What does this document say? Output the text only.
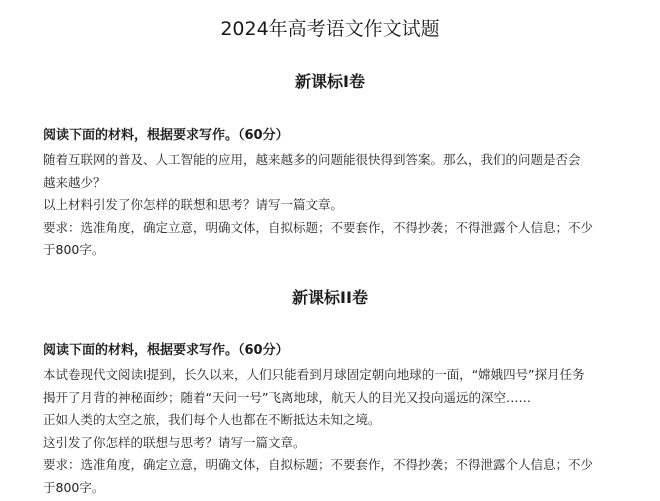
2024年高考语文作文试题
新课标I卷
阅读下面的材料，根据要求写作。（60分）

随着互联网的普及、人工智能的应用，越来越多的问题能很快得到答案。那么，我们的问题是否会
越来越少？

以上材料引发了你怎样的联想和思考？请写一篇文章。

要求：选准角度，确定立意，明确文体，自拟标题；不要套作，不得抄袭；不得泄露个人信息；不少
于800字。

新课标II卷
阅读下面的材料，根据要求写作。（60分）

本试卷现代文阅读I提到，长久以来，人们只能看到月球固定朝向地球的一面，“嫦娥四号”探月任务
揭开了月背的神秘面纱；随着“天问一号”飞离地球，航天人的目光又投向遥远的深空……

正如人类的太空之旅，我们每个人也都在不断抵达未知之境。

这引发了你怎样的联想与思考？请写一篇文章。

要求：选准角度，确定立意，明确文体，自拟标题；不要套作，不得抄袭；不得泄露个人信息；不少
于800字。
